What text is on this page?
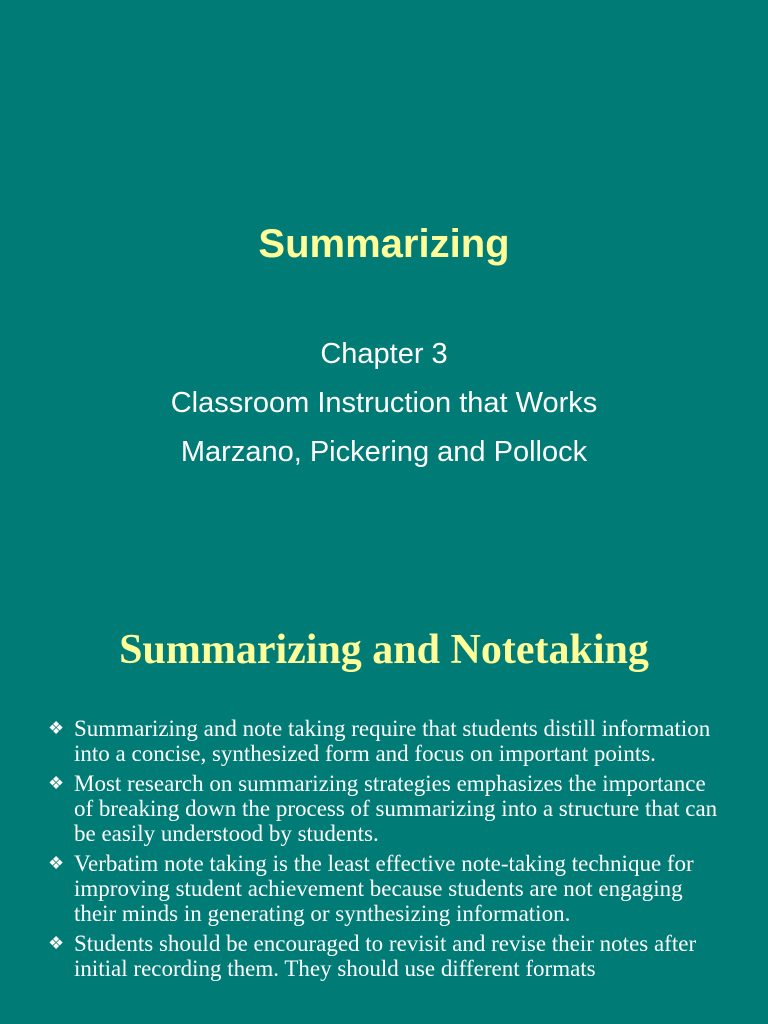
Summarizing
Chapter 3
Classroom Instruction that Works
Marzano, Pickering and Pollock
Summarizing and Notetaking
❖ Summarizing and note taking require that students distill information into a concise, synthesized form and focus on important points.
❖ Most research on summarizing strategies emphasizes the importance of breaking down the process of summarizing into a structure that can be easily understood by students.
❖ Verbatim note taking is the least effective note-taking technique for improving student achievement because students are not engaging their minds in generating or synthesizing information.
❖ Students should be encouraged to revisit and revise their notes after initial recording them. They should use different formats
